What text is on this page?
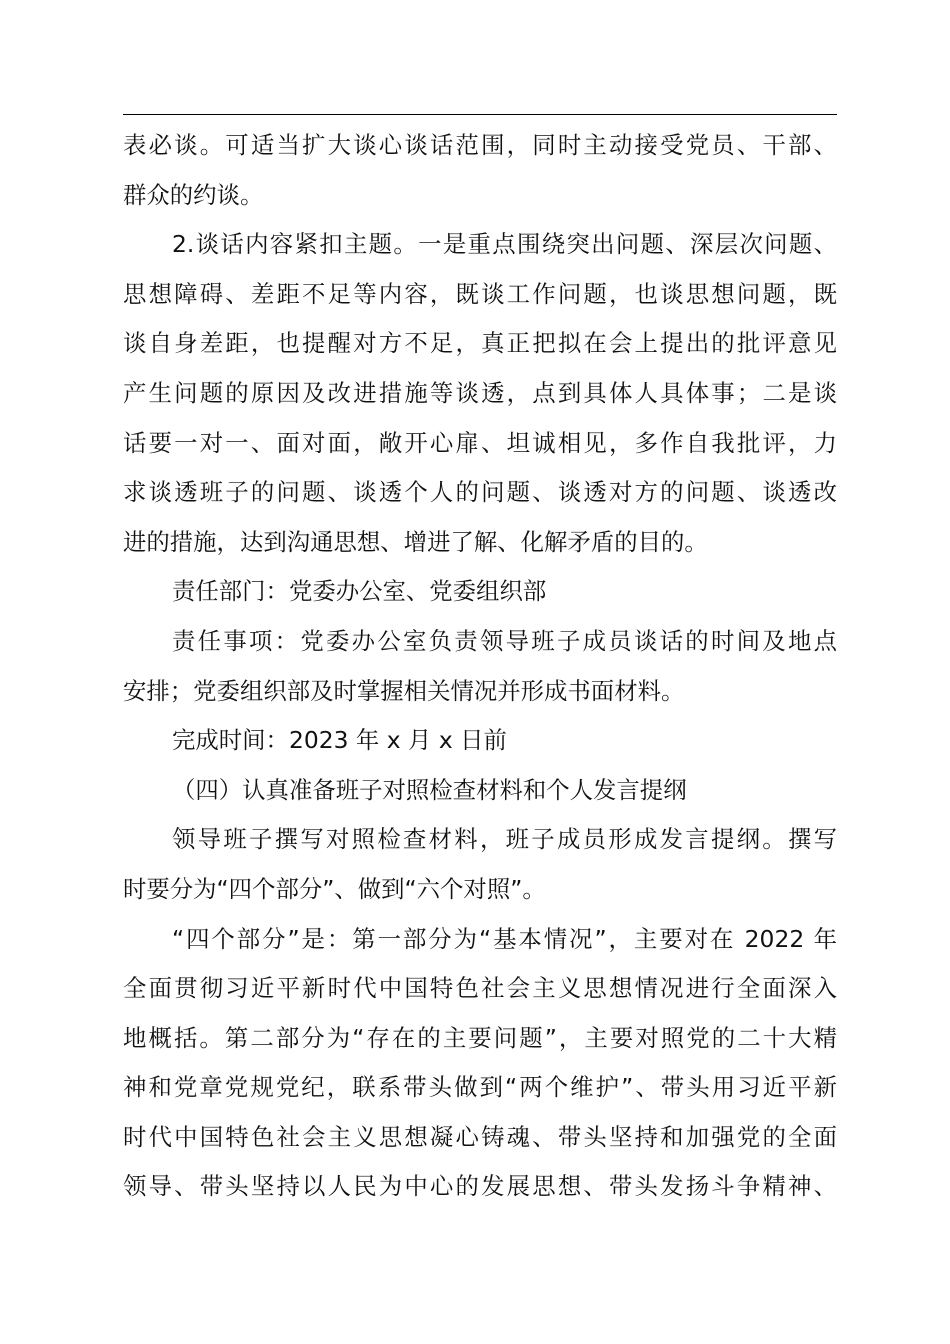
表必谈。可适当扩大谈心谈话范围，同时主动接受党员、干部、
群众的约谈。
2.谈话内容紧扣主题。一是重点围绕突出问题、深层次问题、
思想障碍、差距不足等内容，既谈工作问题，也谈思想问题，既
谈自身差距，也提醒对方不足，真正把拟在会上提出的批评意见
产生问题的原因及改进措施等谈透，点到具体人具体事；二是谈
话要一对一、面对面，敞开心扉、坦诚相见，多作自我批评，力
求谈透班子的问题、谈透个人的问题、谈透对方的问题、谈透改
进的措施，达到沟通思想、增进了解、化解矛盾的目的。
责任部门：党委办公室、党委组织部
责任事项：党委办公室负责领导班子成员谈话的时间及地点
安排；党委组织部及时掌握相关情况并形成书面材料。
完成时间：2023 年 x 月 x 日前
（四）认真准备班子对照检查材料和个人发言提纲
领导班子撰写对照检查材料，班子成员形成发言提纲。撰写
时要分为“四个部分”、做到“六个对照”。
“四个部分”是：第一部分为“基本情况”，主要对在 2022 年
全面贯彻习近平新时代中国特色社会主义思想情况进行全面深入
地概括。第二部分为“存在的主要问题”，主要对照党的二十大精
神和党章党规党纪，联系带头做到“两个维护”、带头用习近平新
时代中国特色社会主义思想凝心铸魂、带头坚持和加强党的全面
领导、带头坚持以人民为中心的发展思想、带头发扬斗争精神、
